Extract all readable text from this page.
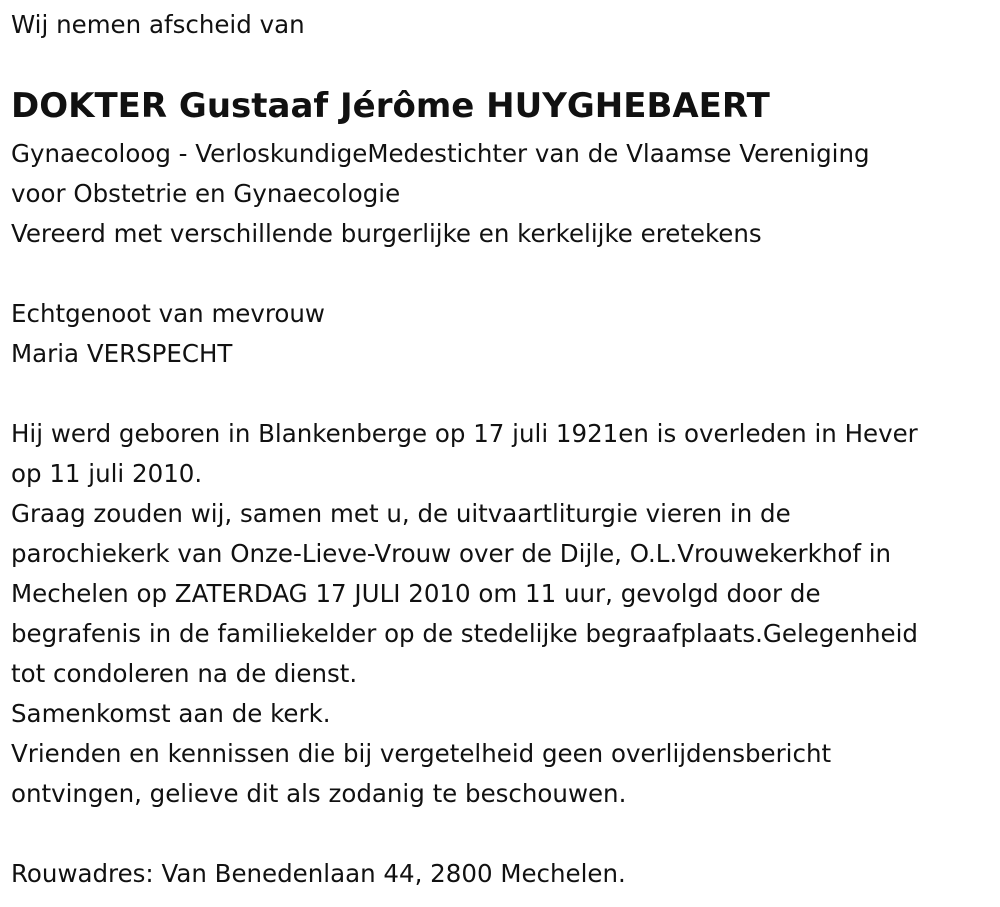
Wij nemen afscheid van
DOKTER Gustaaf Jérôme HUYGHEBAERT
Gynaecoloog - VerloskundigeMedestichter van de Vlaamse Vereniging
voor Obstetrie en Gynaecologie
Vereerd met verschillende burgerlijke en kerkelijke eretekens
Echtgenoot van mevrouw
Maria VERSPECHT
Hij werd geboren in Blankenberge op 17 juli 1921en is overleden in Hever
op 11 juli 2010.
Graag zouden wij, samen met u, de uitvaartliturgie vieren in de
parochiekerk van Onze-Lieve-Vrouw over de Dijle, O.L.Vrouwekerkhof in
Mechelen op ZATERDAG 17 JULI 2010 om 11 uur, gevolgd door de
begrafenis in de familiekelder op de stedelijke begraafplaats.Gelegenheid
tot condoleren na de dienst.
Samenkomst aan de kerk.
Vrienden en kennissen die bij vergetelheid geen overlijdensbericht
ontvingen, gelieve dit als zodanig te beschouwen.
Rouwadres: Van Benedenlaan 44, 2800 Mechelen.
